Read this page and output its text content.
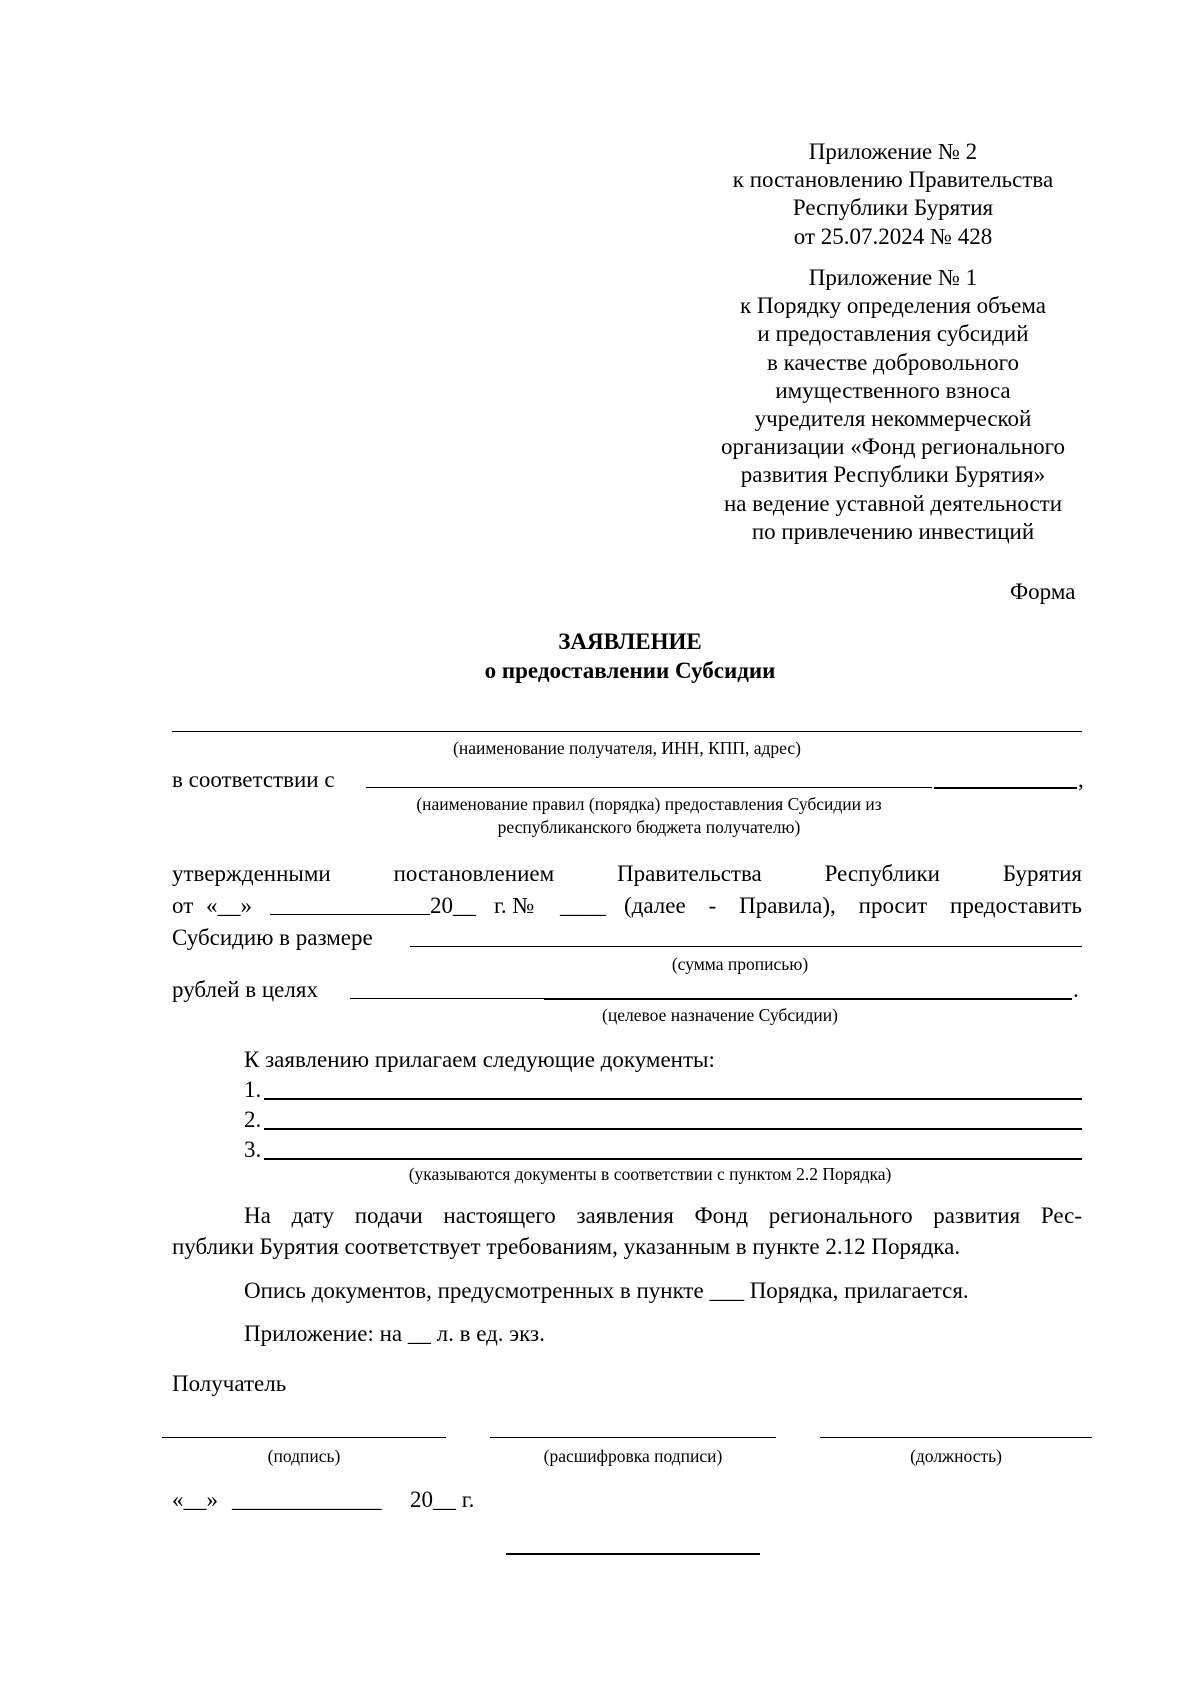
Приложение № 2
к постановлению Правительства
Республики Бурятия
от 25.07.2024 № 428
Приложение № 1
к Порядку определения объема
и предоставления субсидий
в качестве добровольного
имущественного взноса
учредителя некоммерческой
организации «Фонд регионального
развития Республики Бурятия»
на ведение уставной деятельности
по привлечению инвестиций
Форма
ЗАЯВЛЕНИЕ
о предоставлении Субсидии
(наименование получателя, ИНН, КПП, адрес)
в соответствии с	,
(наименование правил (порядка) предоставления Субсидии из
республиканского бюджета получателю)
утвержденными	постановлением	Правительства	Республики	Бурятия
от «__»	20__ г. № ____ (далее - Правила), просит предоставить
Субсидию в размере
(сумма прописью)
рублей в целях	.
(целевое назначение Субсидии)
К заявлению прилагаем следующие документы:
1.
2.
3.
(указываются документы в соответствии с пунктом 2.2 Порядка)
На дату подачи настоящего заявления Фонд регионального развития Рес-
публики Бурятия соответствует требованиям, указанным в пункте 2.12 Порядка.
Опись документов, предусмотренных в пункте ___ Порядка, прилагается.
Приложение: на __ л. в ед. экз.
Получатель
(подпись)	(расшифровка подписи)	(должность)
«__» _____________ 20__ г.
